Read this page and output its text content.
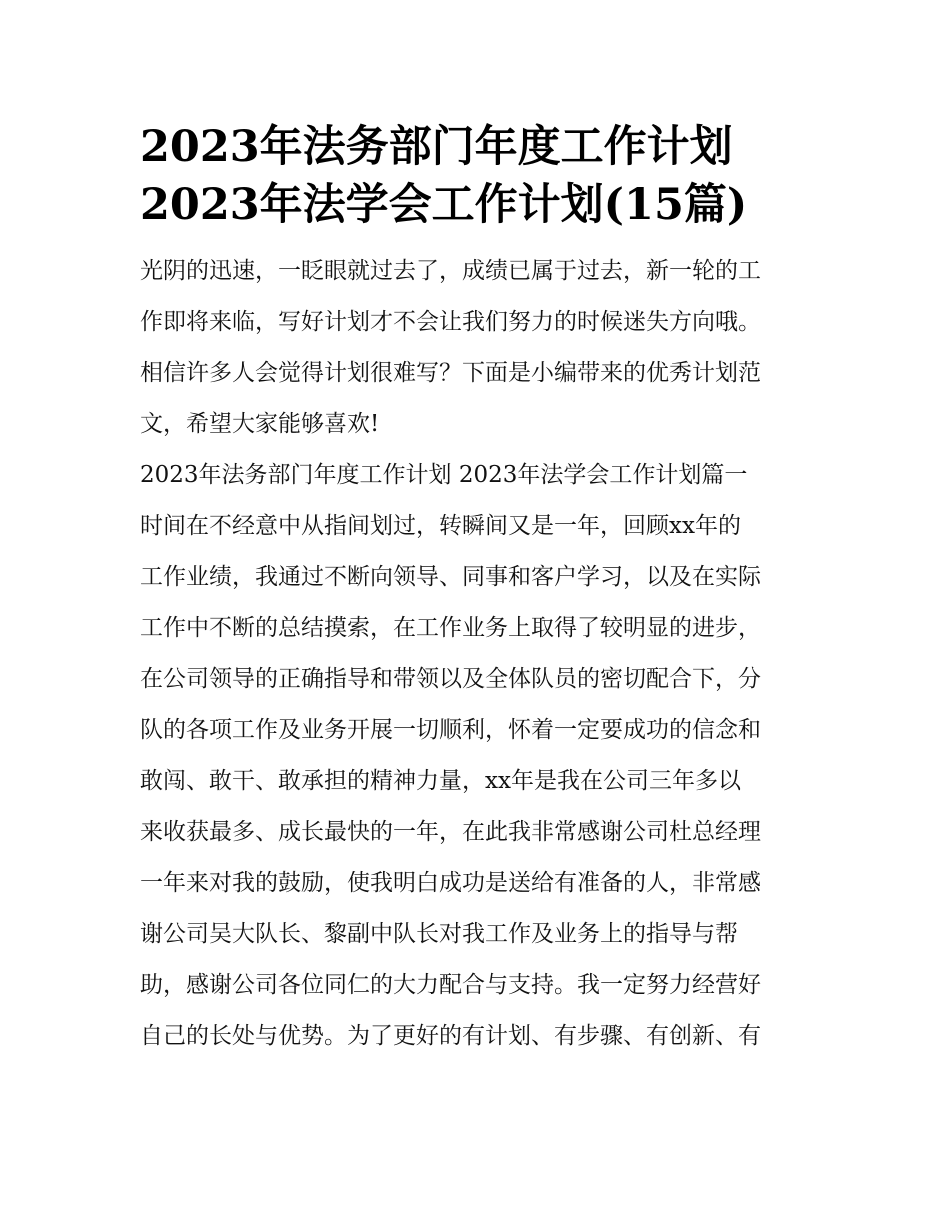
2023年法务部门年度工作计划
2023年法学会工作计划(15篇)
光阴的迅速，一眨眼就过去了，成绩已属于过去，新一轮的工
作即将来临，写好计划才不会让我们努力的时候迷失方向哦。
相信许多人会觉得计划很难写？下面是小编带来的优秀计划范
文，希望大家能够喜欢!
2023年法务部门年度工作计划 2023年法学会工作计划篇一
时间在不经意中从指间划过，转瞬间又是一年，回顾xx年的
工作业绩，我通过不断向领导、同事和客户学习，以及在实际
工作中不断的总结摸索，在工作业务上取得了较明显的进步，
在公司领导的正确指导和带领以及全体队员的密切配合下，分
队的各项工作及业务开展一切顺利，怀着一定要成功的信念和
敢闯、敢干、敢承担的精神力量，xx年是我在公司三年多以
来收获最多、成长最快的一年，在此我非常感谢公司杜总经理
一年来对我的鼓励，使我明白成功是送给有准备的人，非常感
谢公司吴大队长、黎副中队长对我工作及业务上的指导与帮
助，感谢公司各位同仁的大力配合与支持。我一定努力经营好
自己的长处与优势。为了更好的有计划、有步骤、有创新、有
